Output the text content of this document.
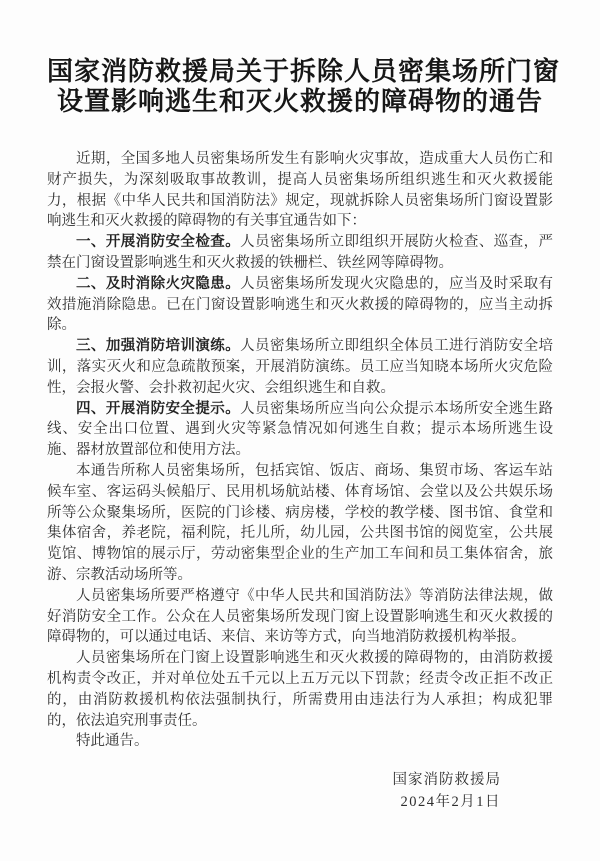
国家消防救援局关于拆除人员密集场所门窗
设置影响逃生和灭火救援的障碍物的通告

近期，全国多地人员密集场所发生有影响火灾事故，造成重大人员伤亡和财产损失，为深刻吸取事故教训，提高人员密集场所组织逃生和灭火救援能力，根据《中华人民共和国消防法》规定，现就拆除人员密集场所门窗设置影响逃生和灭火救援的障碍物的有关事宜通告如下：

一、开展消防安全检查。人员密集场所立即组织开展防火检查、巡查，严禁在门窗设置影响逃生和灭火救援的铁栅栏、铁丝网等障碍物。

二、及时消除火灾隐患。人员密集场所发现火灾隐患的，应当及时采取有效措施消除隐患。已在门窗设置影响逃生和灭火救援的障碍物的，应当主动拆除。

三、加强消防培训演练。人员密集场所立即组织全体员工进行消防安全培训，落实灭火和应急疏散预案，开展消防演练。员工应当知晓本场所火灾危险性，会报火警、会扑救初起火灾、会组织逃生和自救。

四、开展消防安全提示。人员密集场所应当向公众提示本场所安全逃生路线、安全出口位置、遇到火灾等紧急情况如何逃生自救；提示本场所逃生设施、器材放置部位和使用方法。

本通告所称人员密集场所，包括宾馆、饭店、商场、集贸市场、客运车站候车室、客运码头候船厅、民用机场航站楼、体育场馆、会堂以及公共娱乐场所等公众聚集场所，医院的门诊楼、病房楼，学校的教学楼、图书馆、食堂和集体宿舍，养老院，福利院，托儿所，幼儿园，公共图书馆的阅览室，公共展览馆、博物馆的展示厅，劳动密集型企业的生产加工车间和员工集体宿舍，旅游、宗教活动场所等。

人员密集场所要严格遵守《中华人民共和国消防法》等消防法律法规，做好消防安全工作。公众在人员密集场所发现门窗上设置影响逃生和灭火救援的障碍物的，可以通过电话、来信、来访等方式，向当地消防救援机构举报。

人员密集场所在门窗上设置影响逃生和灭火救援的障碍物的，由消防救援机构责令改正，并对单位处五千元以上五万元以下罚款；经责令改正拒不改正的，由消防救援机构依法强制执行，所需费用由违法行为人承担；构成犯罪的，依法追究刑事责任。

特此通告。

国家消防救援局
2024年2月1日
